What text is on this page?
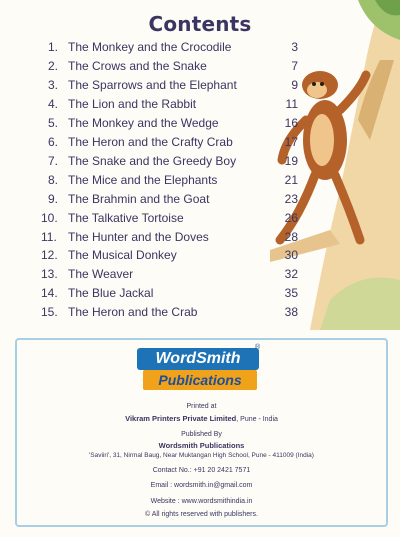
Contents
1. The Monkey and the Crocodile	3
2. The Crows and the Snake	7
3. The Sparrows and the Elephant	9
4. The Lion and the Rabbit	11
5. The Monkey and the Wedge	16
6. The Heron and the Crafty Crab	17
7. The Snake and the Greedy Boy	19
8. The Mice and the Elephants	21
9. The Brahmin and the Goat	23
10. The Talkative Tortoise	26
11. The Hunter and the Doves	28
12. The Musical Donkey	30
13. The Weaver	32
14. The Blue Jackal	35
15. The Heron and the Crab	38
WordSmith
Publications
®
Printed at
Vikram Printers Private Limited, Pune - India
Published By
Wordsmith Publications
'Saviiri', 31, Nirmal Baug, Near Muktangan High School, Pune - 411009 (India)
Contact No.: +91 20 2421 7571
Email : wordsmith.in@gmail.com
Website : www.wordsmithindia.in
© All rights reserved with publishers.
